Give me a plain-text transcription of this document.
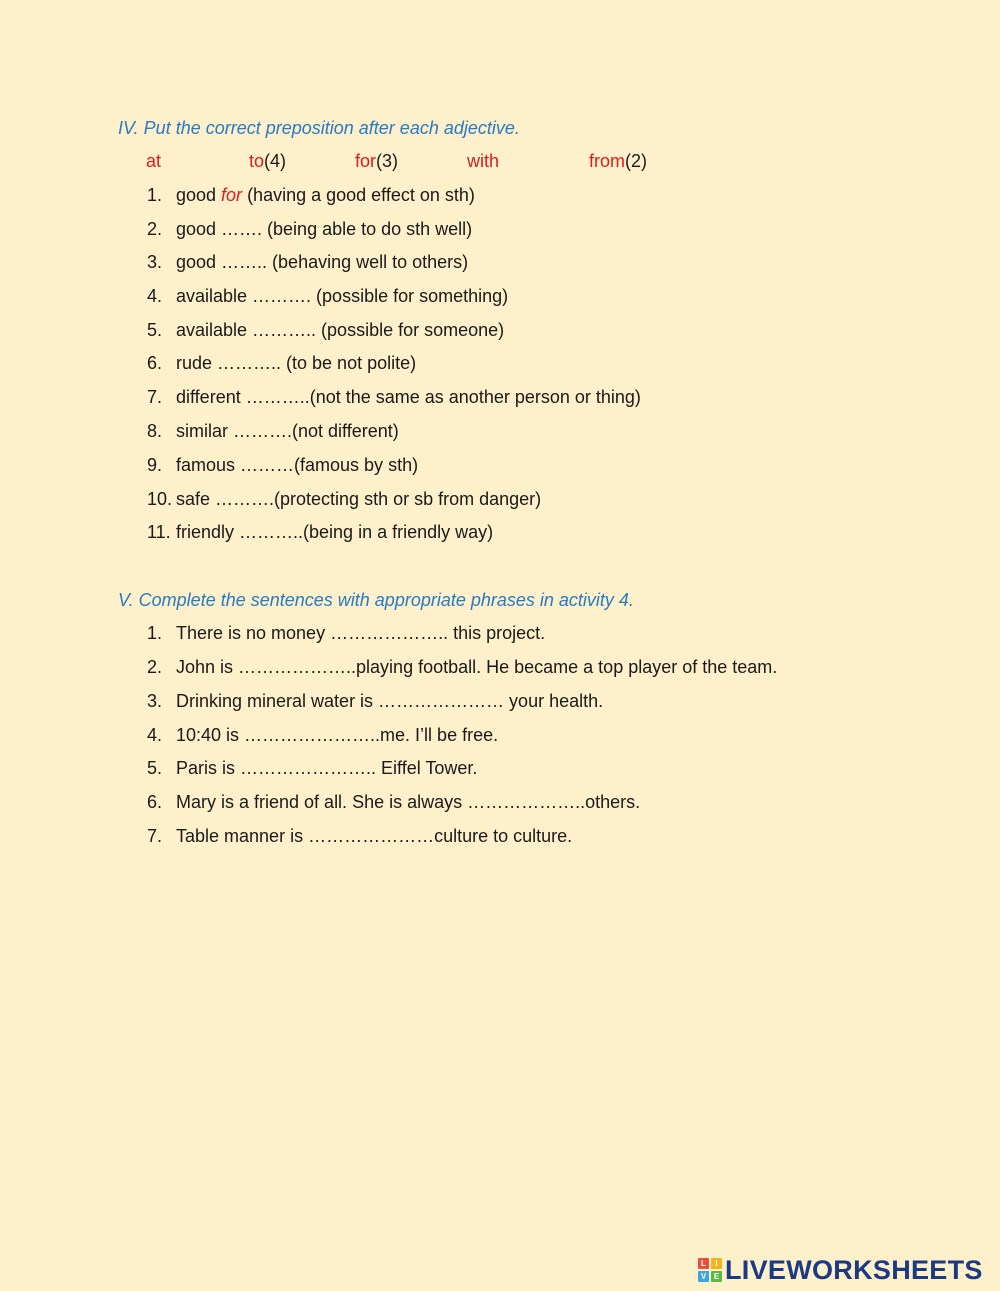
IV. Put the correct preposition after each adjective.
at	to(4)	for(3)	with	from(2)
1. good for (having a good effect on sth)
2. good ……. (being able to do sth well)
3. good …….. (behaving well to others)
4. available ………. (possible for something)
5. available ……….. (possible for someone)
6. rude ……….. (to be not polite)
7. different ………..(not the same as another person or thing)
8. similar ……….(not different)
9. famous ………(famous by sth)
10. safe ……….(protecting sth or sb from danger)
11. friendly ………..(being in a friendly way)
V. Complete the sentences with appropriate phrases in activity 4.
1. There is no money ……………….. this project.
2. John is ………………..playing football. He became a top player of the team.
3. Drinking mineral water is ………………… your health.
4. 10:40 is …………………..me. I’ll be free.
5. Paris is ………………….. Eiffel Tower.
6. Mary is a friend of all. She is always ………………..others.
7. Table manner is …………………culture to culture.
L	I
V E LIVEWORKSHEETS
